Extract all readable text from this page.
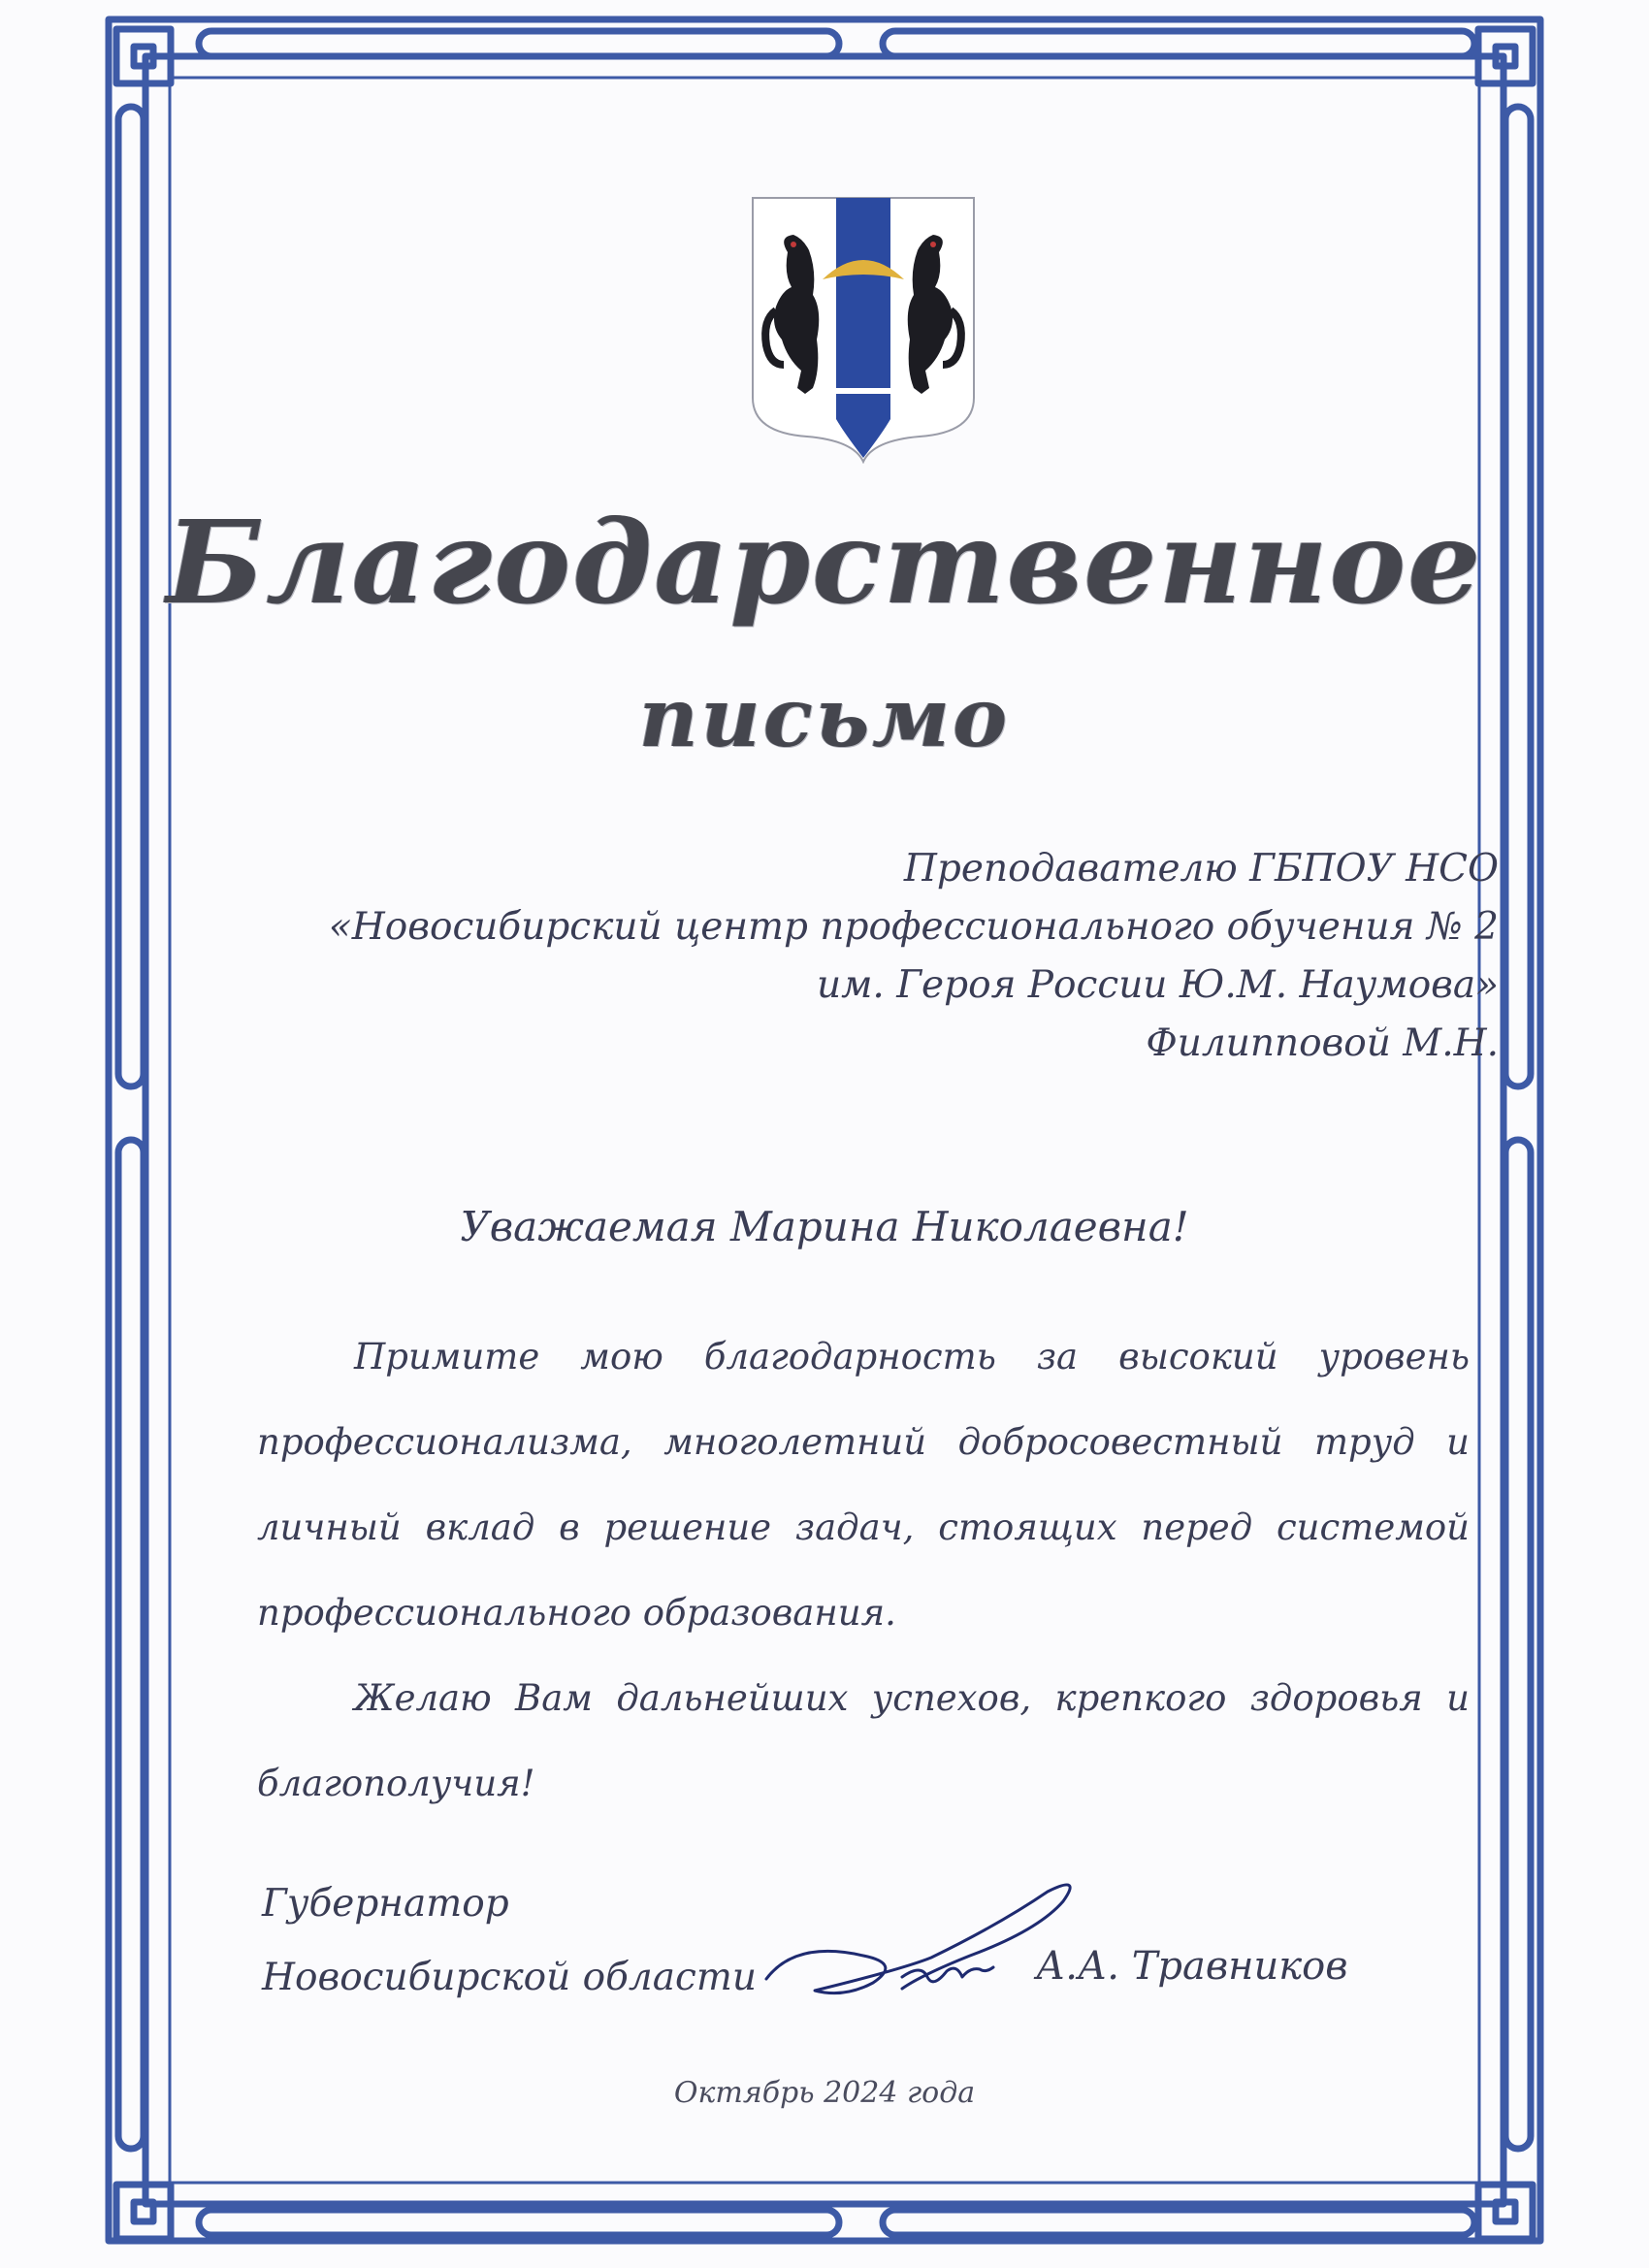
Благодарственное
письмо
Преподавателю ГБПОУ НСО
«Новосибирский центр профессионального обучения № 2
им. Героя России Ю.М. Наумова»
Филипповой М.Н.
Уважаемая Марина Николаевна!

Примите мою благодарность за высокий уровень профессионализма, многолетний добросовестный труд и личный вклад в решение задач, стоящих перед системой профессионального образования.

Желаю Вам дальнейших успехов, крепкого здоровья и благополучия!

Губернатор
Новосибирской области	А.А. Травников
Октябрь 2024 года
